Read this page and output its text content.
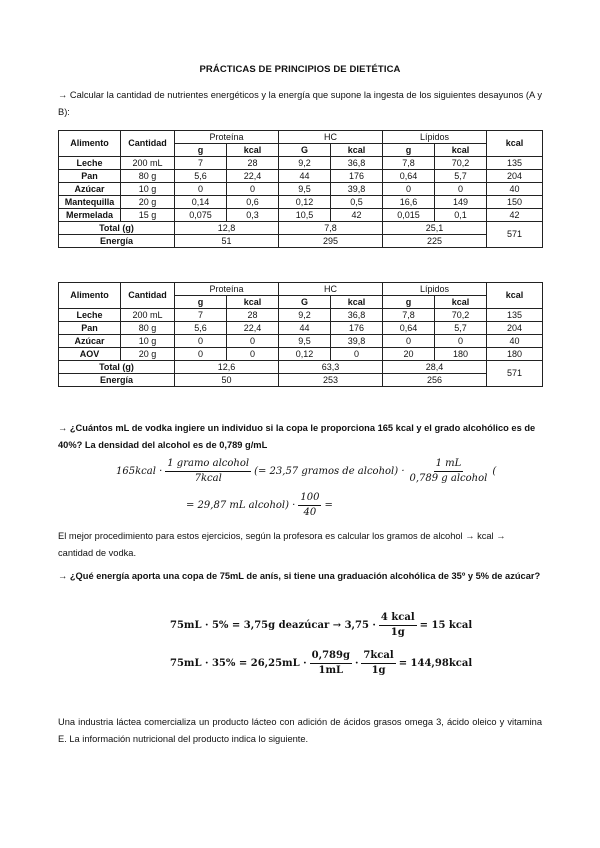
PRÁCTICAS DE PRINCIPIOS DE DIETÉTICA
→ Calcular la cantidad de nutrientes energéticos y la energía que supone la ingesta de los siguientes desayunos (A y B):
Alimento	Cantidad	Proteína		HC		Lípidos		kcal
		g	kcal	G	kcal	g	kcal	
Leche	200 mL	7	28	9,2	36,8	7,8	70,2	135
Pan	80 g	5,6	22,4	44	176	0,64	5,7	204
Azúcar	10 g	0	0	9,5	39,8	0	0	40
Mantequilla	20 g	0,14	0,6	0,12	0,5	16,6	149	150
Mermelada	15 g	0,075	0,3	10,5	42	0,015	0,1	42
Total (g)		12,8		7,8		25,1		571
Energía		51		295		225		
Alimento	Cantidad	Proteína		HC		Lípidos		kcal
		g	kcal	G	kcal	g	kcal	
Leche	200 mL	7	28	9,2	36,8	7,8	70,2	135
Pan	80 g	5,6	22,4	44	176	0,64	5,7	204
Azúcar	10 g	0	0	9,5	39,8	0	0	40
AOV	20 g	0	0	0,12	0	20	180	180
Total (g)		12,6		63,3		28,4		571
Energía		50		253		256		
→ ¿Cuántos mL de vodka ingiere un individuo si la copa le proporciona 165 kcal y el grado alcohólico es de 40%? La densidad del alcohol es de 0,789 g/mL
165kcal · $\frac{\text{1 gramo alcohol}}{\text{7kcal}}$ (= 23,57 gramos de alcohol) · $\frac{1 mL}{\text{0,789 g alcohol}}$ (
= 29,87 mL alcohol) · $\frac{100}{40}$ =
El mejor procedimiento para estos ejercicios, según la profesora es calcular los gramos de alcohol → kcal → cantidad de vodka.
→ ¿Qué energía aporta una copa de 75mL de anís, si tiene una graduación alcohólica de 35º y 5% de azúcar?
75mL · 5% = 3,75g deazúcar → $3,75 \cdot \frac{\text{4 kcal}}{1g} = 15$ kcal
$75mL \cdot 35\% = 26,25mL \cdot \frac{0,789g}{1mL} \cdot \frac{\text{7kcal}}{1g}$ = 144,98kcal
Una industria láctea comercializa un producto lácteo con adición de ácidos grasos omega 3, ácido oleico y vitamina E. La información nutricional del producto indica lo siguiente.
